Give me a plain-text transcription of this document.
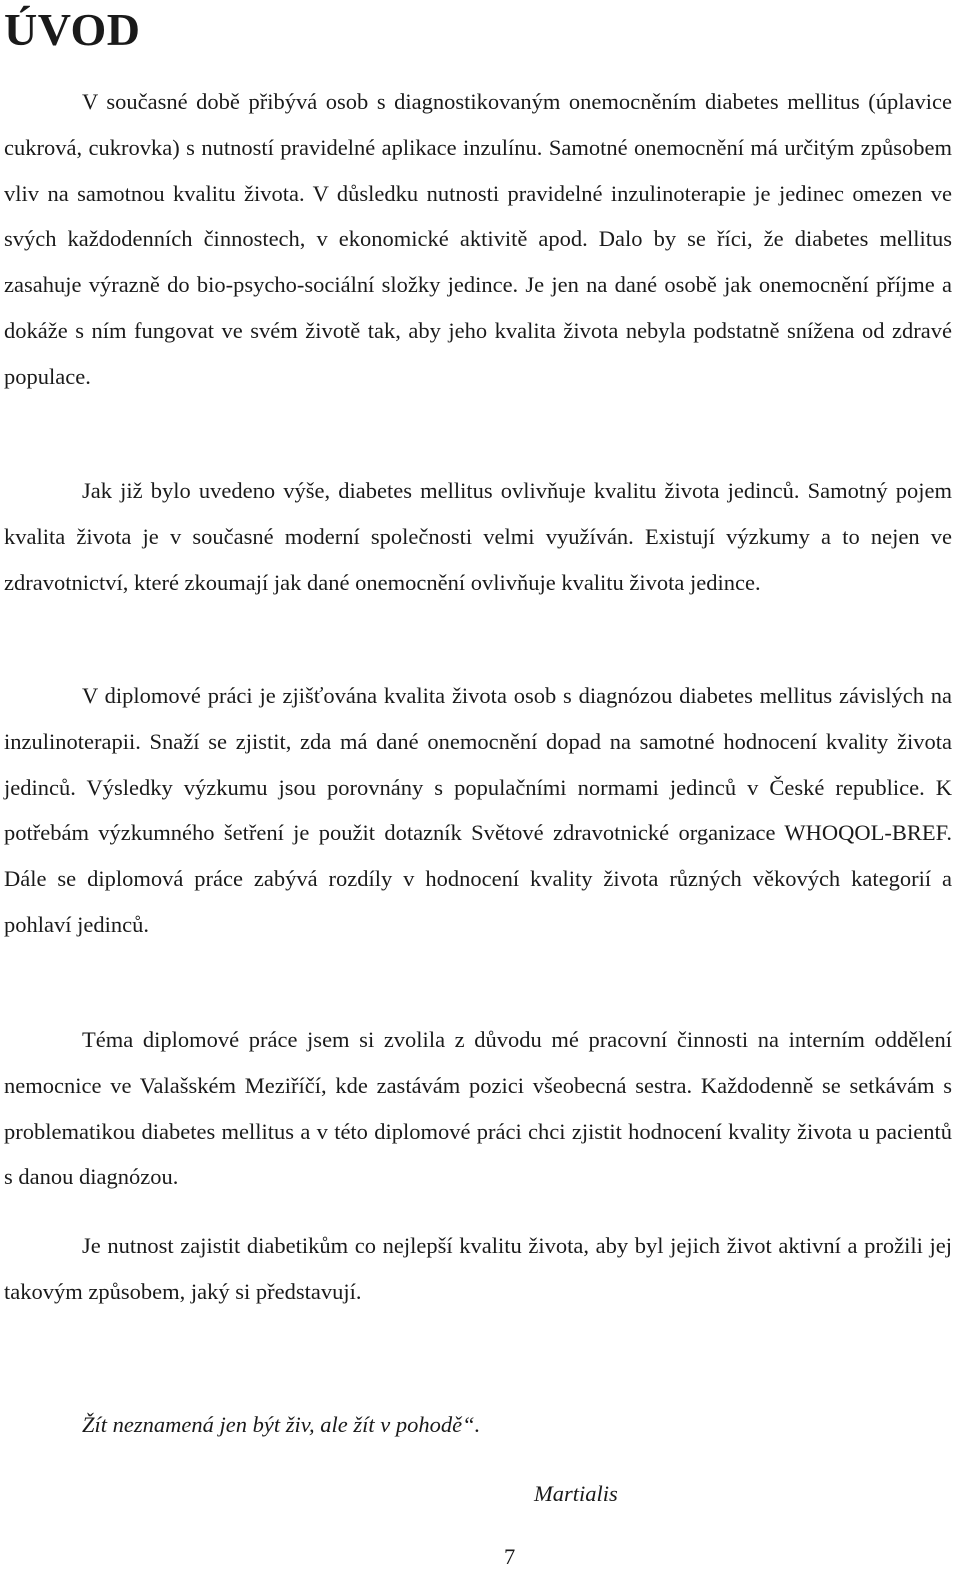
ÚVOD

V současné době přibývá osob s diagnostikovaným onemocněním diabetes mellitus (úplavice cukrová, cukrovka) s nutností pravidelné aplikace inzulínu. Samotné onemocnění má určitým způsobem vliv na samotnou kvalitu života. V důsledku nutnosti pravidelné inzulinoterapie je jedinec omezen ve svých každodenních činnostech, v ekonomické aktivitě apod. Dalo by se říci, že diabetes mellitus zasahuje výrazně do bio-psycho-sociální složky jedince. Je jen na dané osobě jak onemocnění příjme a dokáže s ním fungovat ve svém životě tak, aby jeho kvalita života nebyla podstatně snížena od zdravé populace.

Jak již bylo uvedeno výše, diabetes mellitus ovlivňuje kvalitu života jedinců. Samotný pojem kvalita života je v současné moderní společnosti velmi využíván. Existují výzkumy a to nejen ve zdravotnictví, které zkoumají jak dané onemocnění ovlivňuje kvalitu života jedince.

V diplomové práci je zjišťována kvalita života osob s diagnózou diabetes mellitus závislých na inzulinoterapii. Snaží se zjistit, zda má dané onemocnění dopad na samotné hodnocení kvality života jedinců. Výsledky výzkumu jsou porovnány s populačními normami jedinců v České republice. K potřebám výzkumného šetření je použit dotazník Světové zdravotnické organizace WHOQOL-BREF. Dále se diplomová práce zabývá rozdíly v hodnocení kvality života různých věkových kategorií a pohlaví jedinců.

Téma diplomové práce jsem si zvolila z důvodu mé pracovní činnosti na interním oddělení nemocnice ve Valašském Meziříčí, kde zastávám pozici všeobecná sestra. Každodenně se setkávám s problematikou diabetes mellitus a v této diplomové práci chci zjistit hodnocení kvality života u pacientů s danou diagnózou.

Je nutnost zajistit diabetikům co nejlepší kvalitu života, aby byl jejich život aktivní a prožili jej takovým způsobem, jaký si představují.

Žít neznamená jen být živ, ale žít v pohodě“.

Martialis

7
